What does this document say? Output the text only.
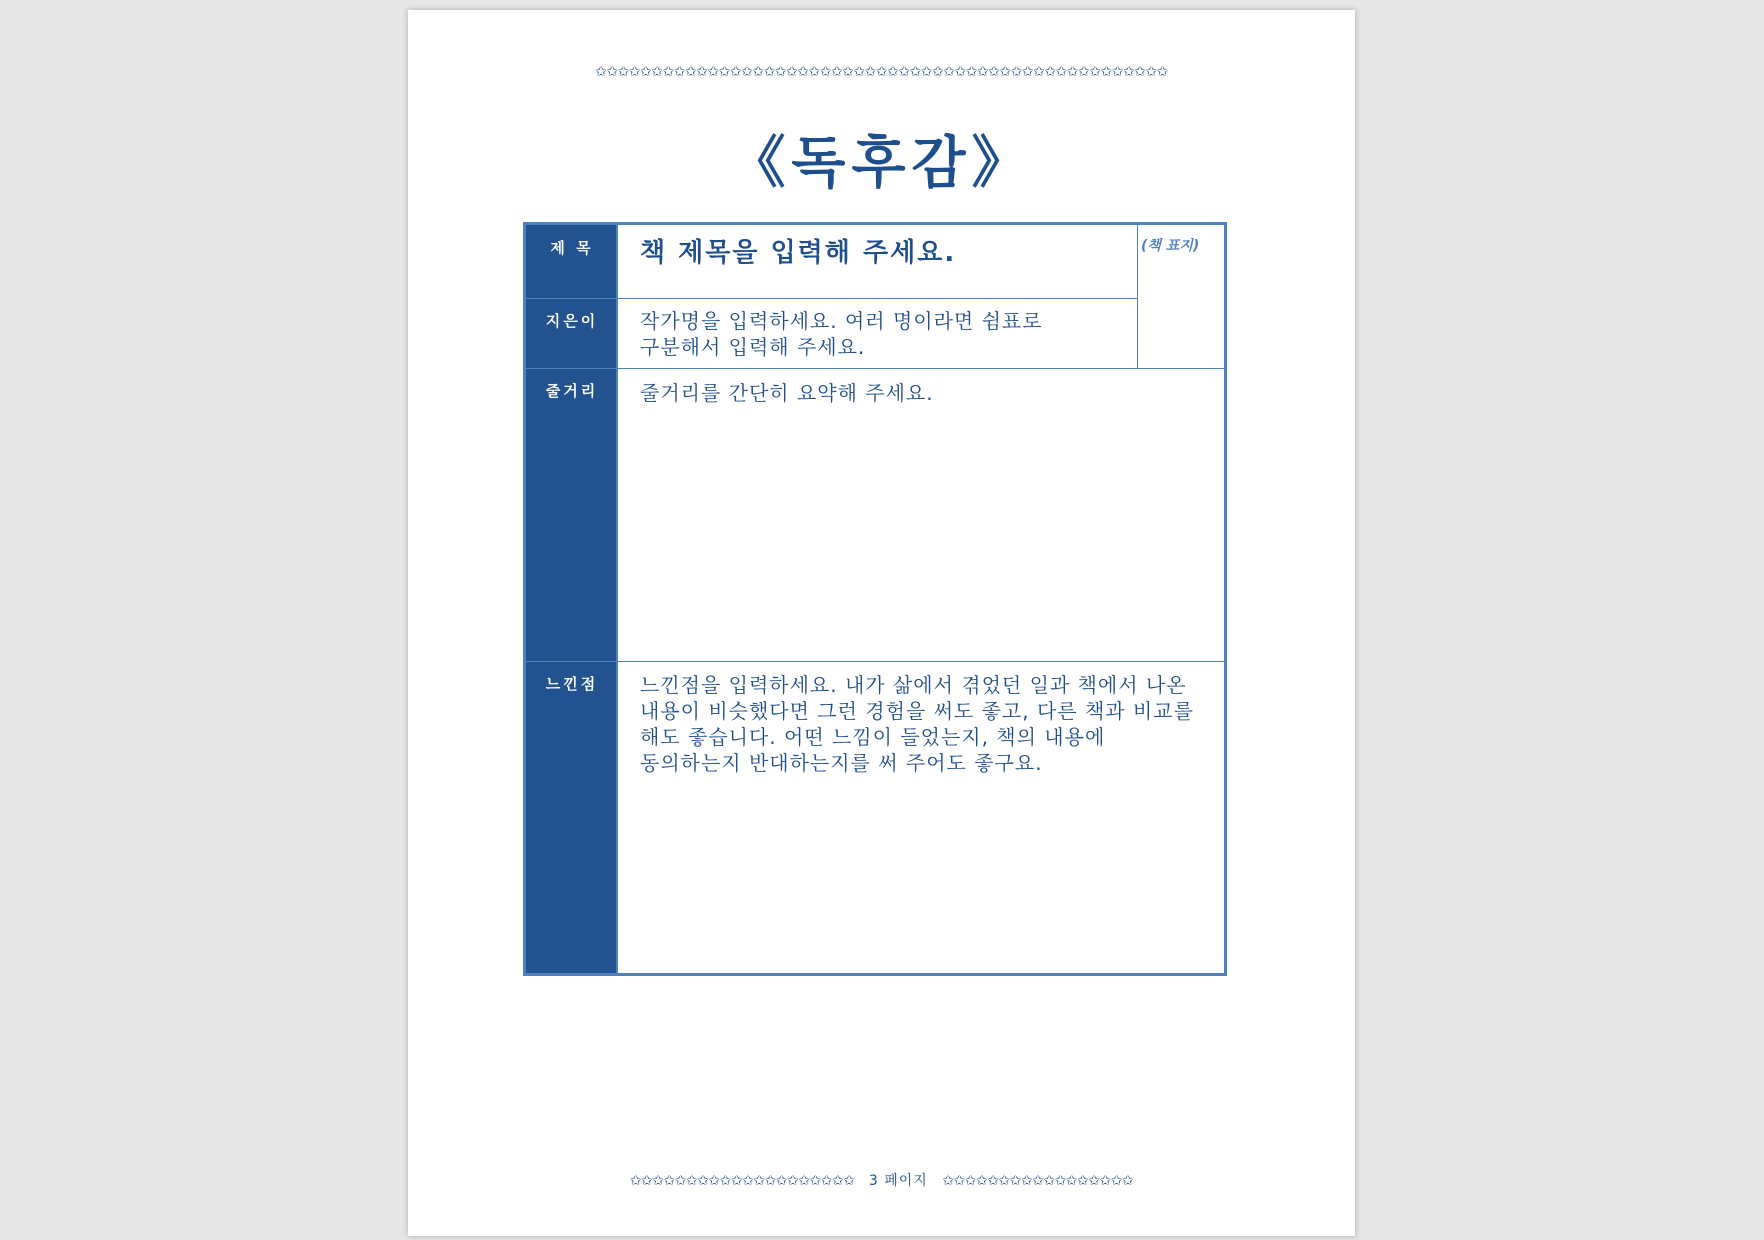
✩✩✩✩✩✩✩✩✩✩✩✩✩✩✩✩✩✩✩✩✩✩✩✩✩✩✩✩✩✩✩✩✩✩✩✩✩✩✩✩✩✩✩✩✩✩✩✩✩✩✩
《독후감》
제 목
지은이
줄거리
느낀점
책 제목을 입력해 주세요.	(책 표지)
작가명을 입력하세요. 여러 명이라면 쉼표로
구분해서 입력해 주세요.
줄거리를 간단히 요약해 주세요.
느낀점을 입력하세요. 내가 삶에서 겪었던 일과 책에서 나온
내용이 비슷했다면 그런 경험을 써도 좋고, 다른 책과 비교를
해도 좋습니다. 어떤 느낌이 들었는지, 책의 내용에
동의하는지 반대하는지를 써 주어도 좋구요.
✩✩✩✩✩✩✩✩✩✩✩✩✩✩✩✩✩✩✩✩ 3 페이지 ✩✩✩✩✩✩✩✩✩✩✩✩✩✩✩✩✩
